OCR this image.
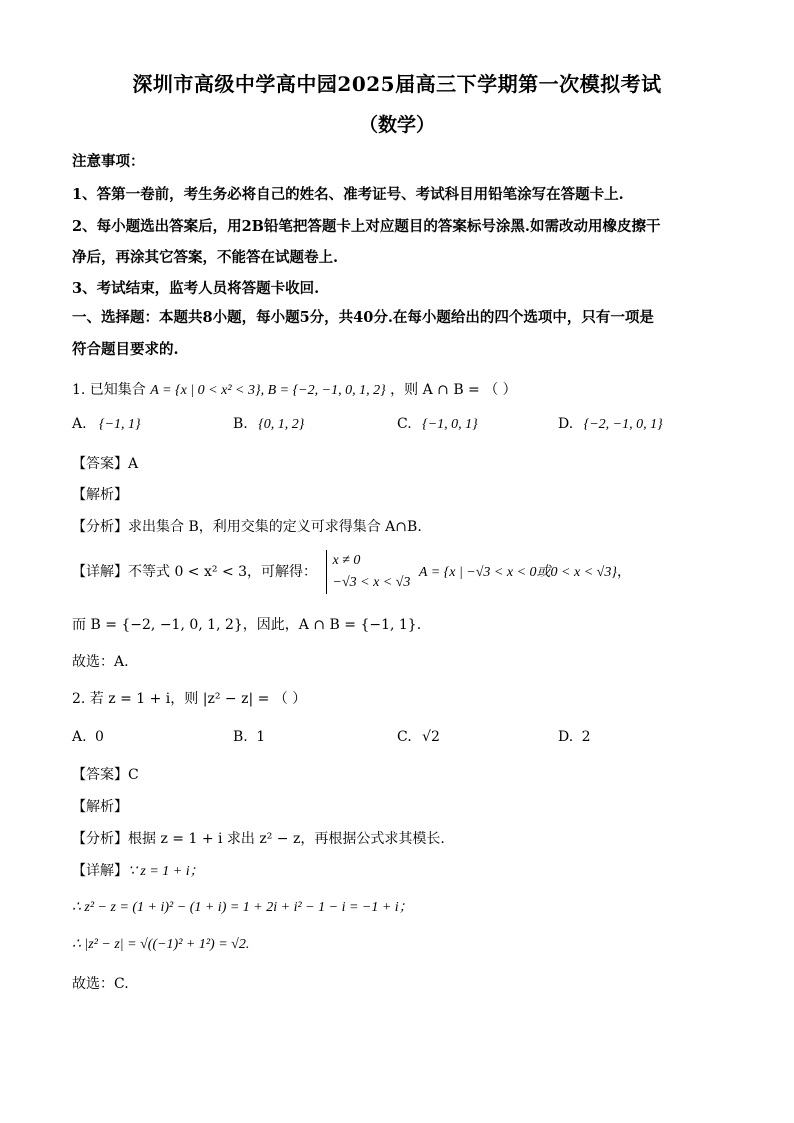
深圳市高级中学高中园2025届高三下学期第一次模拟考试
（数学）
注意事项：
1、答第一卷前，考生务必将自己的姓名、准考证号、考试科目用铅笔涂写在答题卡上.
2、每小题选出答案后，用2B铅笔把答题卡上对应题目的答案标号涂黑.如需改动用橡皮擦干
净后，再涂其它答案，不能答在试题卷上.
3、考试结束，监考人员将答题卡收回.
一、选择题：本题共8小题，每小题5分，共40分.在每小题给出的四个选项中，只有一项是
符合题目要求的.
1. 已知集合 A = {x | 0 < x² < 3}, B = {−2, −1, 0, 1, 2} ，则 A ∩ B = （ ）
A. {−1, 1}	B. {0, 1, 2}	C. {−1, 0, 1}	D. {−2, −1, 0, 1}
【答案】A
【解析】
【分析】求出集合 B，利用交集的定义可求得集合 A∩B.
【详解】不等式 0 < x² < 3，可解得：
x ≠ 0
−√3 < x < √3
A = {x | −√3 < x < 0或0 < x < √3}，
而 B = {−2, −1, 0, 1, 2}，因此，A ∩ B = {−1, 1}.
故选：A.
2. 若 z = 1 + i，则 |z² − z| = （ ）
A. 0	B. 1	C. √2	D. 2
【答案】C
【解析】
【分析】根据 z = 1 + i 求出 z² − z，再根据公式求其模长.
【详解】∵ z = 1 + i；
∴ z² − z = (1 + i)² − (1 + i) = 1 + 2i + i² − 1 − i = −1 + i；
∴ |z² − z| = √((−1)² + 1²) = √2.
故选：C.
